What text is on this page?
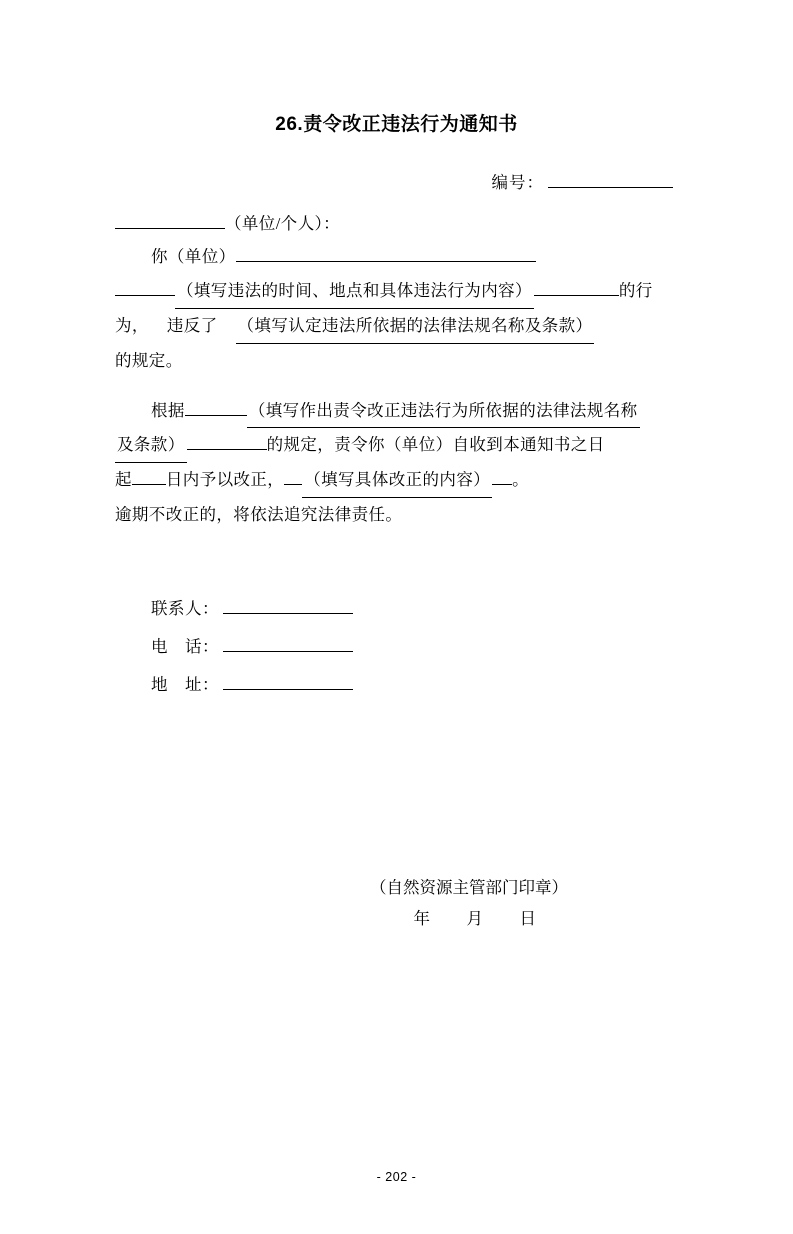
26.责令改正违法行为通知书
编号：
（单位/个人）：
你（单位）
（填写违法的时间、地点和具体违法行为内容）	的行
为， 违反了 （填写认定违法所依据的法律法规名称及条款）
的规定。
根据	（填写作出责令改正违法行为所依据的法律法规名称
及条款）	的规定，责令你（单位）自收到本通知书之日
起 日内予以改正， （填写具体改正的内容） 。
逾期不改正的，将依法追究法律责任。
联系人：
电　话：
地　址：
（自然资源主管部门印章）
年　月　日
- 202 -
